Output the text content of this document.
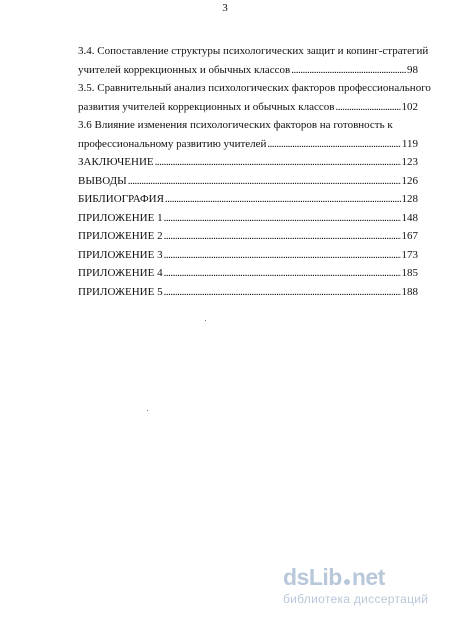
3
3.4. Сопоставление структуры психологических защит и копинг-стратегий
учителей коррекционных и обычных классов .....	98
3.5. Сравнительный анализ психологических факторов профессионального
развития учителей коррекционных и обычных классов .....	102
3.6 Влияние изменения психологических факторов на готовность к
профессиональному развитию учителей .....	119
ЗАКЛЮЧЕНИЕ .....	123
ВЫВОДЫ .....	126
БИБЛИОГРАФИЯ .....	128
ПРИЛОЖЕНИЕ 1 .....	148
ПРИЛОЖЕНИЕ 2 .....	167
ПРИЛОЖЕНИЕ 3 .....	173
ПРИЛОЖЕНИЕ 4 .....	185
ПРИЛОЖЕНИЕ 5 .....	188
dsLib net
библиотека диссертаций
